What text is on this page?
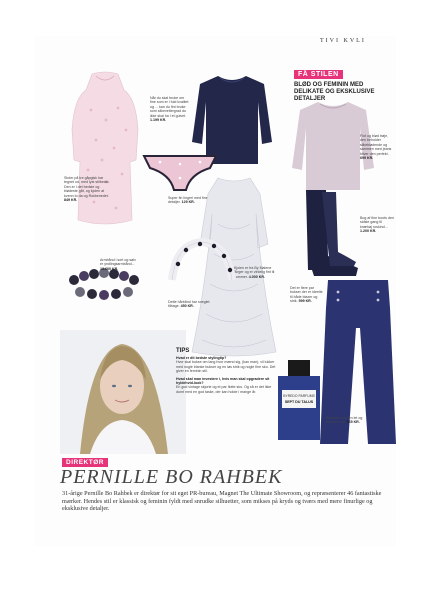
TIVI KVLI
FÅ STILEN
BLØD OG FEMININ MED DELIKATE OG EKSKLUSIVE DETALJER
Stoler på tre gåpgisk har tegnet ud, med lyst stilbedst. Den er i det bedste og blødeste gåt, og kjolen at kvenn to da og Rokkenedet. 849 KR.
Når du skal bruke om fine som er i fuld kvalitet og ... kan du fint bruke som silkeveltergrad du ikke skal ha i et gulvet. 1.199 KR.
Flot og blød trøje, den beholder silkeblødende og sammen med jeans bliver den perfekt. 699 KR.
Super fin lingeri med fine detaljer. 129 KR.
Kjolen er fra By Malene Birger og er virkelig fint til sommer. 4.000 KR.
Bog af fine boots den sidste gang til knæhøj ruskind... 1.200 KR.
Det er flere par bukser der er ideelle til både blazer og strik. 599 KR.
Armbånd i sort og sølv er yndlingsarmbånd... 13.600 KR.
Dette hårbånd har sneglet tilbage. 450 KR.
TIPS
Hvad er dit bedste stylingtip?
Hvor skal bukse om lang hvor mænd sig, (kan man), vil lukker med nogle blanke bukser og en løs strik og nogle fine sko. Det giver en feminin stil.
Hvad skal man investere i, hvis man skal opgradere sit hyldehvid-look?
En god vintage skjorte og et par flotte sko. Og så er det ikke dumt med en god taske, der kan holde i mange år.
BYREDO PARFUMS
SEPT DU TALUS
Parfume med en let og feminin duft. 365 KR.
DIREKTØR
PERNILLE BO RAHBEK
31-årige Pernille Bo Rahbek er direktør for sit eget PR-bureau, Magnet The Ultimate Showroom, og repræsenterer 46 fantastiske mærker. Hendes stil er klassisk og feminin fyldt med snrudke silhuetter, som mikses på kryds og tværs med mere finurlige og eksklusive detaljer.
